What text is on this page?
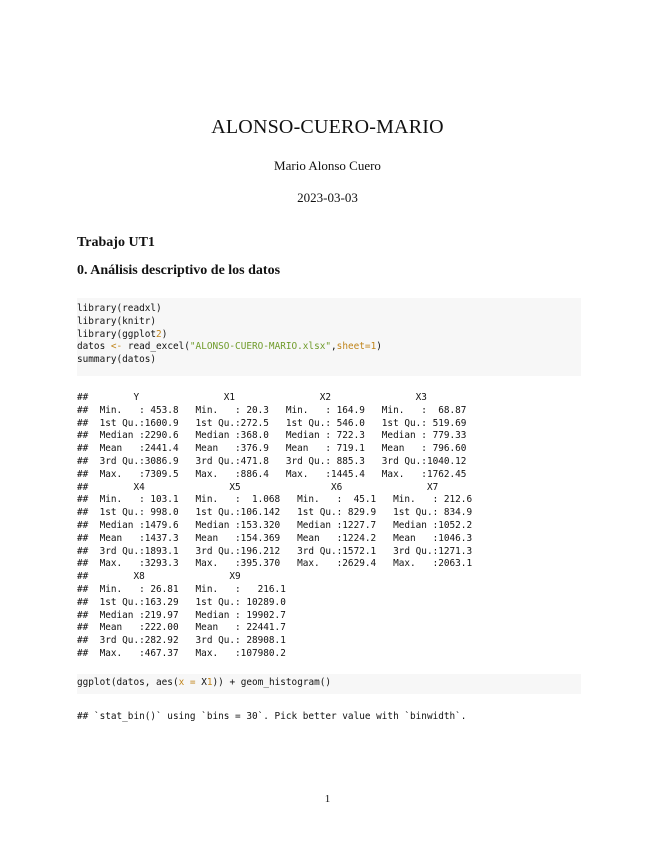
ALONSO-CUERO-MARIO
Mario Alonso Cuero
2023-03-03
Trabajo UT1
0. Análisis descriptivo de los datos
library(readxl)
library(knitr)
library(ggplot2)
datos <- read_excel("ALONSO-CUERO-MARIO.xlsx",sheet=1)
summary(datos)
##        Y               X1               X2               X3
##  Min.   : 453.8   Min.   : 20.3   Min.   : 164.9   Min.   :  68.87
##  1st Qu.:1600.9   1st Qu.:272.5   1st Qu.: 546.0   1st Qu.: 519.69
##  Median :2290.6   Median :368.0   Median : 722.3   Median : 779.33
##  Mean   :2441.4   Mean   :376.9   Mean   : 719.1   Mean   : 796.60
##  3rd Qu.:3086.9   3rd Qu.:471.8   3rd Qu.: 885.3   3rd Qu.:1040.12
##  Max.   :7309.5   Max.   :886.4   Max.   :1445.4   Max.   :1762.45
##        X4               X5                X6               X7
##  Min.   : 103.1   Min.   :  1.068   Min.   :  45.1   Min.   : 212.6
##  1st Qu.: 998.0   1st Qu.:106.142   1st Qu.: 829.9   1st Qu.: 834.9
##  Median :1479.6   Median :153.320   Median :1227.7   Median :1052.2
##  Mean   :1437.3   Mean   :154.369   Mean   :1224.2   Mean   :1046.3
##  3rd Qu.:1893.1   3rd Qu.:196.212   3rd Qu.:1572.1   3rd Qu.:1271.3
##  Max.   :3293.3   Max.   :395.370   Max.   :2629.4   Max.   :2063.1
##        X8               X9
##  Min.   : 26.81   Min.   :   216.1
##  1st Qu.:163.29   1st Qu.: 10289.0
##  Median :219.97   Median : 19902.7
##  Mean   :222.00   Mean   : 22441.7
##  3rd Qu.:282.92   3rd Qu.: 28908.1
##  Max.   :467.37   Max.   :107980.2
ggplot(datos, aes(x = X1)) + geom_histogram()
## `stat_bin()` using `bins = 30`. Pick better value with `binwidth`.
1
